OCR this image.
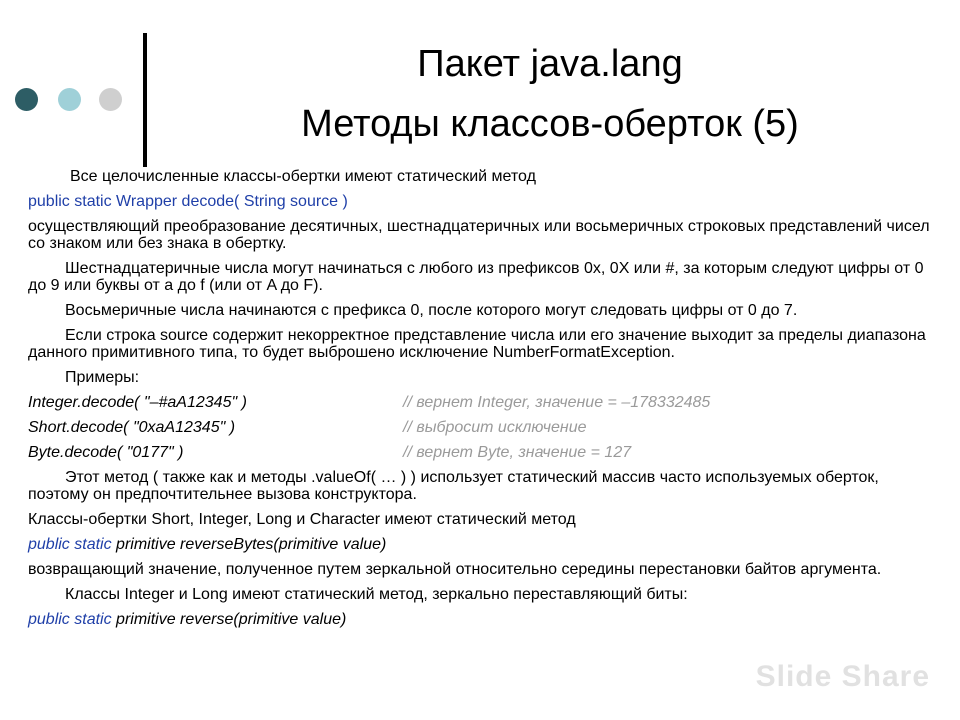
Пакет java.lang
Методы классов-оберток (5)

Все целочисленные классы-обертки имеют статический метод

public static Wrapper decode( String source )

осуществляющий преобразование десятичных, шестнадцатеричных или восьмеричных строковых представлений чисел со знаком или без знака в обертку.

Шестнадцатеричные числа могут начинаться с любого из префиксов 0x, 0X или #, за которым следуют цифры от 0 до 9 или буквы от a до f (или от A до F).

Восьмеричные числа начинаются с префикса 0, после которого могут следовать цифры от 0 до 7.

Если строка source содержит некорректное представление числа или его значение выходит за пределы диапазона данного примитивного типа, то будет выброшено исключение NumberFormatException.

Примеры:

Integer.decode( "–#aA12345" )	// вернет Integer, значение = –178332485
Short.decode( "0xaA12345" )	// выбросит исключение
Byte.decode( "0177" )	// вернет Byte, значение = 127

Этот метод ( также как и методы .valueOf( … ) ) использует статический массив часто используемых оберток, поэтому он предпочтительнее вызова конструктора.

Классы-обертки Short, Integer, Long и Character имеют статический метод

public static primitive reverseBytes(primitive value)

возвращающий значение, полученное путем зеркальной относительно середины перестановки байтов аргумента.

Классы Integer и Long имеют статический метод, зеркально переставляющий биты:

public static primitive reverse(primitive value)

Slide Share
